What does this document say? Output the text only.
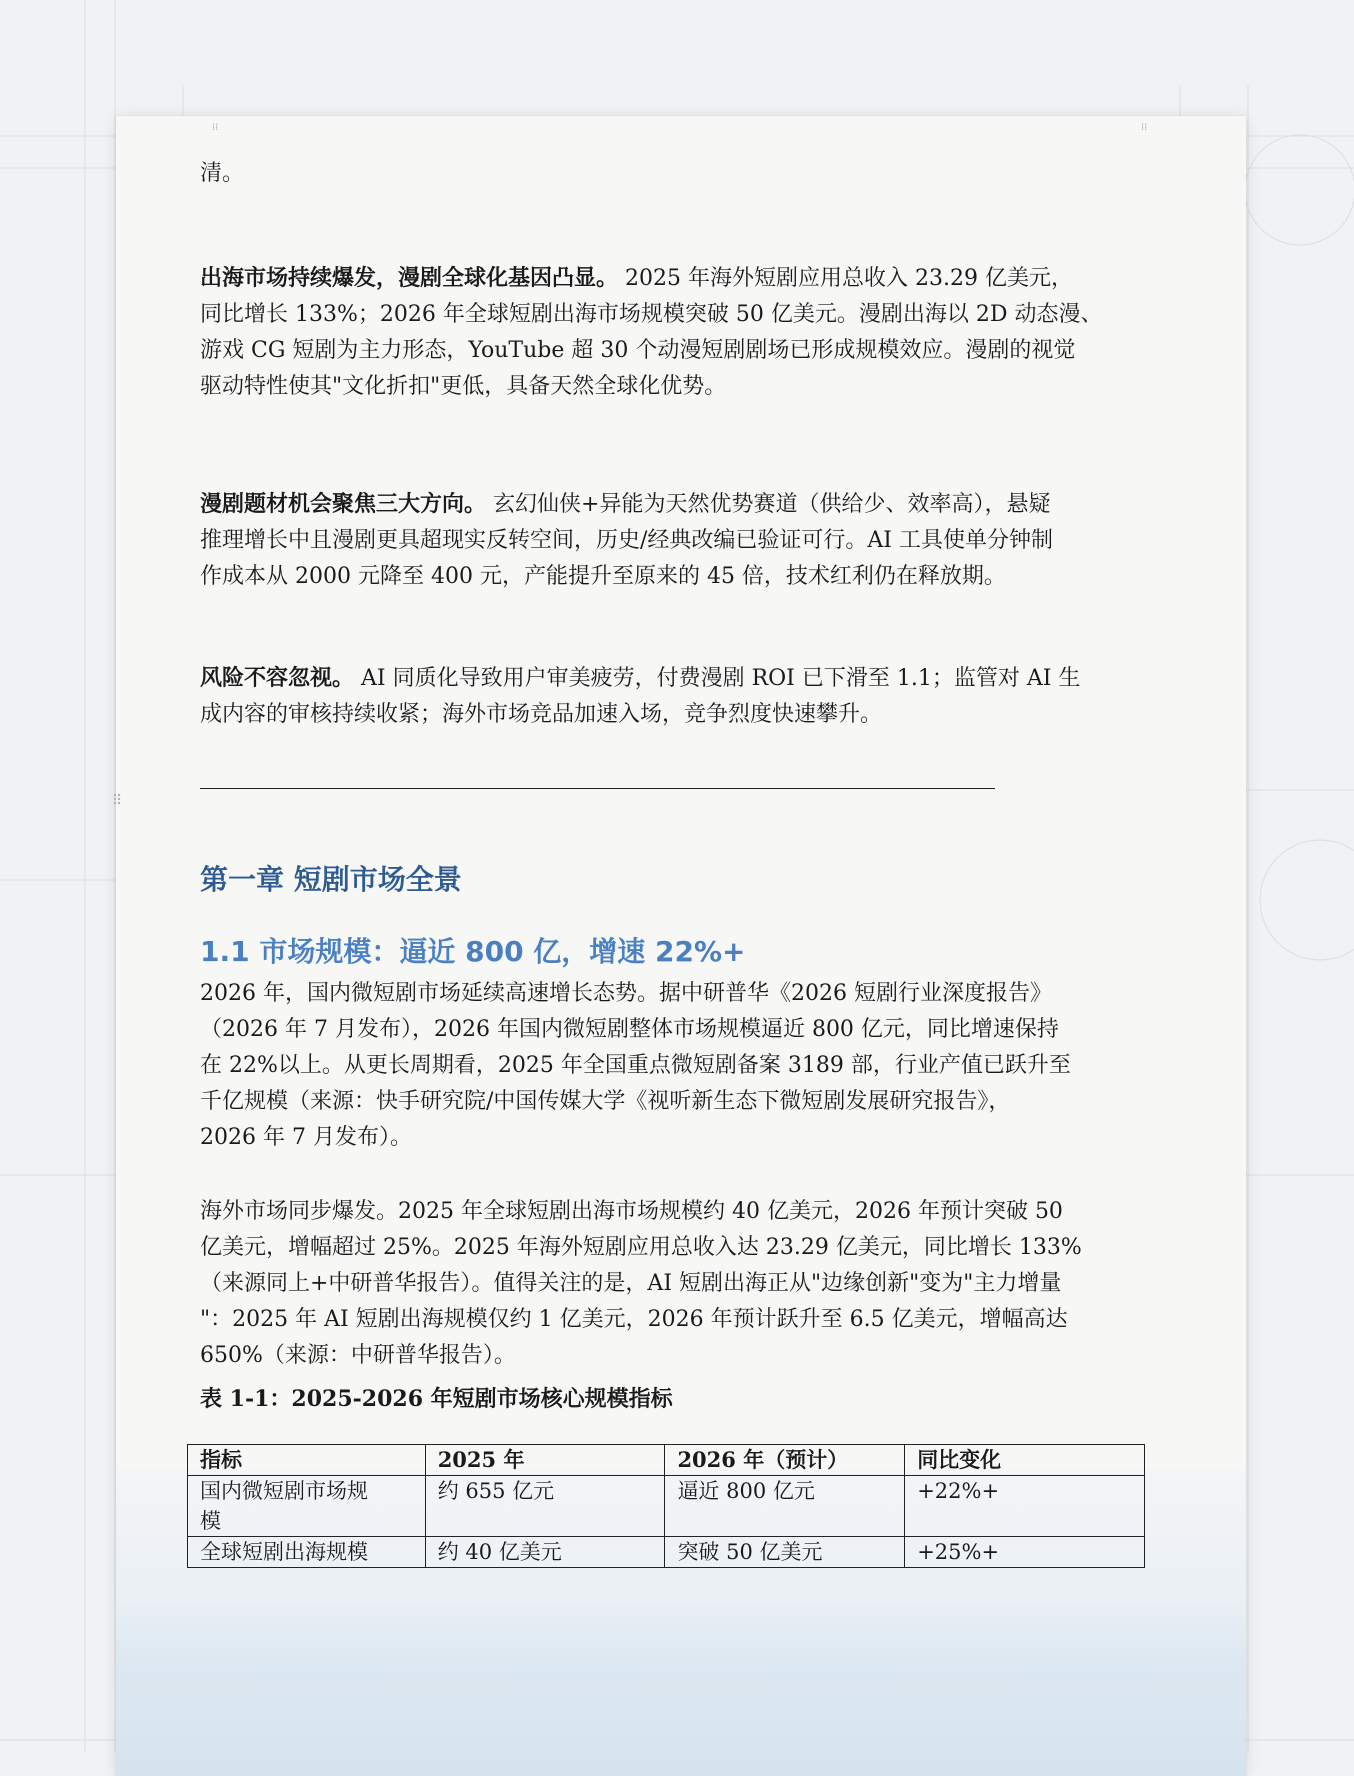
⁞⁞	⁞⁞

清。

出海市场持续爆发，漫剧全球化基因凸显。 2025 年海外短剧应用总收入 23.29 亿美元，

同比增长 133%；2026 年全球短剧出海市场规模突破 50 亿美元。漫剧出海以 2D 动态漫、

游戏 CG 短剧为主力形态，YouTube 超 30 个动漫短剧剧场已形成规模效应。漫剧的视觉

驱动特性使其"文化折扣"更低，具备天然全球化优势。

漫剧题材机会聚焦三大方向。 玄幻仙侠+异能为天然优势赛道（供给少、效率高），悬疑

推理增长中且漫剧更具超现实反转空间，历史/经典改编已验证可行。AI 工具使单分钟制

作成本从 2000 元降至 400 元，产能提升至原来的 45 倍，技术红利仍在释放期。

风险不容忽视。 AI 同质化导致用户审美疲劳，付费漫剧 ROI 已下滑至 1.1；监管对 AI 生

成内容的审核持续收紧；海外市场竞品加速入场，竞争烈度快速攀升。

第一章 短剧市场全景
1.1 市场规模：逼近 800 亿，增速 22%+

2026 年，国内微短剧市场延续高速增长态势。据中研普华《2026 短剧行业深度报告》

（2026 年 7 月发布），2026 年国内微短剧整体市场规模逼近 800 亿元，同比增速保持

在 22%以上。从更长周期看，2025 年全国重点微短剧备案 3189 部，行业产值已跃升至

千亿规模（来源：快手研究院/中国传媒大学《视听新生态下微短剧发展研究报告》，

2026 年 7 月发布）。

海外市场同步爆发。2025 年全球短剧出海市场规模约 40 亿美元，2026 年预计突破 50

亿美元，增幅超过 25%。2025 年海外短剧应用总收入达 23.29 亿美元，同比增长 133%

（来源同上+中研普华报告）。值得关注的是，AI 短剧出海正从"边缘创新"变为"主力增量

"：2025 年 AI 短剧出海规模仅约 1 亿美元，2026 年预计跃升至 6.5 亿美元，增幅高达

650%（来源：中研普华报告）。

表 1-1：2025-2026 年短剧市场核心规模指标

指标	2025 年	2026 年（预计）	同比变化
国内微短剧市场规
模	约 655 亿元	逼近 800 亿元	+22%+
全球短剧出海规模	约 40 亿美元	突破 50 亿美元	+25%+
⠿
